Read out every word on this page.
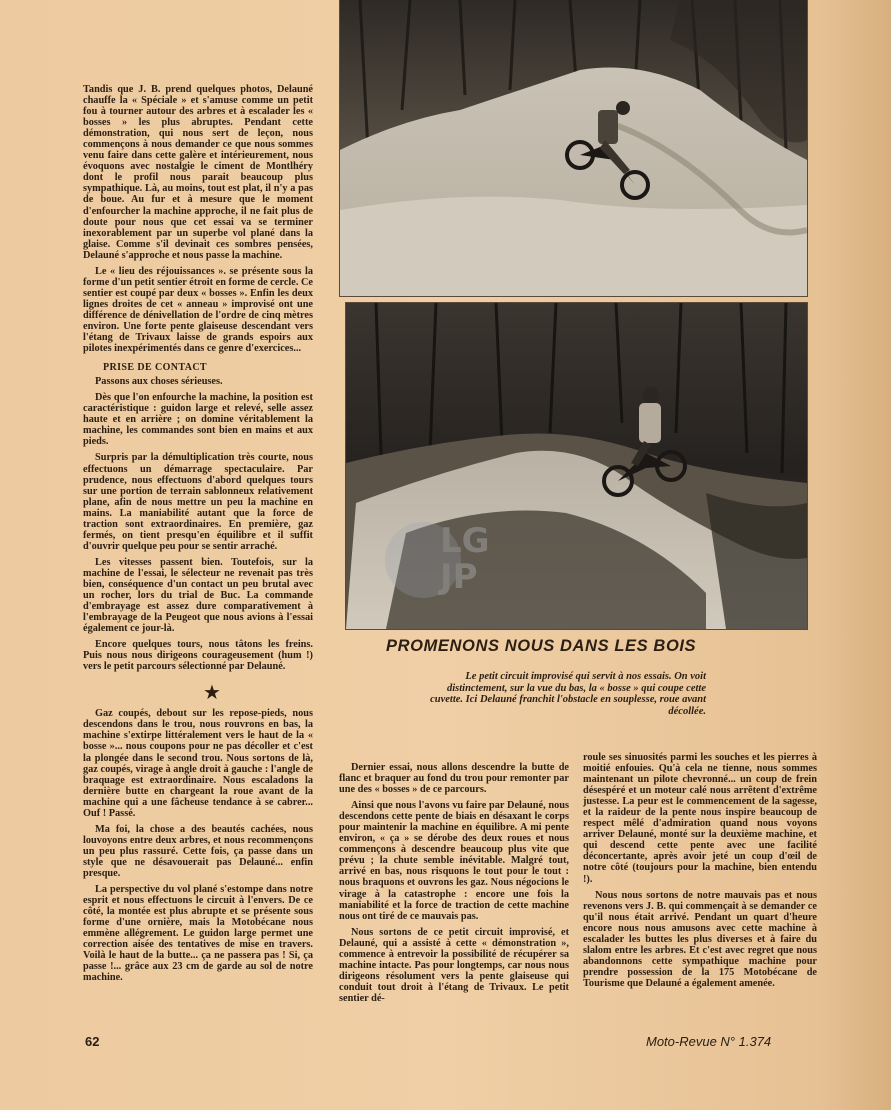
Tandis que J. B. prend quelques photos, Delauné chauffe la « Spéciale » et s'amuse comme un petit fou à tourner autour des arbres et à escalader les « bosses » les plus abruptes. Pendant cette démonstration, qui nous sert de leçon, nous commençons à nous demander ce que nous sommes venu faire dans cette galère et intérieurement, nous évoquons avec nostalgie le ciment de Montlhéry dont le profil nous parait beaucoup plus sympathique. Là, au moins, tout est plat, il n'y a pas de boue. Au fur et à mesure que le moment d'enfourcher la machine approche, il ne fait plus de doute pour nous que cet essai va se terminer inexorablement par un superbe vol plané dans la glaise. Comme s'il devinait ces sombres pensées, Delauné s'approche et nous passe la machine.

Le « lieu des réjouissances ». se présente sous la forme d'un petit sentier étroit en forme de cercle. Ce sentier est coupé par deux « bosses ». Enfin les deux lignes droites de cet « anneau » improvisé ont une différence de dénivellation de l'ordre de cinq mètres environ. Une forte pente glaiseuse descendant vers l'étang de Trivaux laisse de grands espoirs aux pilotes inexpérimentés dans ce genre d'exercices...

PRISE DE CONTACT

Passons aux choses sérieuses.

Dès que l'on enfourche la machine, la position est caractéristique : guidon large et relevé, selle assez haute et en arrière ; on domine véritablement la machine, les commandes sont bien en mains et aux pieds.

Surpris par la démultiplication très courte, nous effectuons un démarrage spectaculaire. Par prudence, nous effectuons d'abord quelques tours sur une portion de terrain sablonneux relativement plane, afin de nous mettre un peu la machine en mains. La maniabilité autant que la force de traction sont extraordinaires. En première, gaz fermés, on tient presqu'en équilibre et il suffit d'ouvrir quelque peu pour se sentir arraché.

Les vitesses passent bien. Toutefois, sur la machine de l'essai, le sélecteur ne revenait pas très bien, conséquence d'un contact un peu brutal avec un rocher, lors du trial de Buc. La commande d'embrayage est assez dure comparativement à l'embrayage de la Peugeot que nous avions à l'essai également ce jour-là.

Encore quelques tours, nous tâtons les freins. Puis nous nous dirigeons courageusement (hum !) vers le petit parcours sélectionné par Delauné.

★

Gaz coupés, debout sur les repose-pieds, nous descendons dans le trou, nous rouvrons en bas, la machine s'extirpe littéralement vers le haut de la « bosse »... nous coupons pour ne pas décoller et c'est la plongée dans le second trou. Nous sortons de là, gaz coupés, virage à angle droit à gauche : l'angle de braquage est extraordinaire. Nous escaladons la dernière butte en chargeant la roue avant de la machine qui a une fâcheuse tendance à se cabrer... Ouf ! Passé.

Ma foi, la chose a des beautés cachées, nous louvoyons entre deux arbres, et nous recommençons un peu plus rassuré. Cette fois, ça passe dans un style que ne désavouerait pas Delauné... enfin presque.

La perspective du vol plané s'estompe dans notre esprit et nous effectuons le circuit à l'envers. De ce côté, la montée est plus abrupte et se présente sous forme d'une ornière, mais la Motobécane nous emmène allégrement. Le guidon large permet une correction aisée des tentatives de mise en travers. Voilà le haut de la butte... ça ne passera pas ! Si, ça passe !... grâce aux 23 cm de garde au sol de notre machine.

LG JP
PROMENONS NOUS DANS LES BOIS
Le petit circuit improvisé qui servit à nos essais. On voit distinctement, sur la vue du bas, la « bosse » qui coupe cette cuvette. Ici Delauné franchit l'obstacle en souplesse, roue avant décollée.

Dernier essai, nous allons descendre la butte de flanc et braquer au fond du trou pour remonter par une des « bosses » de ce parcours.

Ainsi que nous l'avons vu faire par Delauné, nous descendons cette pente de biais en désaxant le corps pour maintenir la machine en équilibre. A mi pente environ, « ça » se dérobe des deux roues et nous commençons à descendre beaucoup plus vite que prévu ; la chute semble inévitable. Malgré tout, arrivé en bas, nous risquons le tout pour le tout : nous braquons et ouvrons les gaz. Nous négocions le virage à la catastrophe : encore une fois la maniabilité et la force de traction de cette machine nous ont tiré de ce mauvais pas.

Nous sortons de ce petit circuit improvisé, et Delauné, qui a assisté à cette « démonstration », commence à entrevoir la possibilité de récupérer sa machine intacte. Pas pour longtemps, car nous nous dirigeons résolument vers la pente glaiseuse qui conduit tout droit à l'étang de Trivaux. Le petit sentier dé-

roule ses sinuosités parmi les souches et les pierres à moitié enfouies. Qu'à cela ne tienne, nous sommes maintenant un pilote chevronné... un coup de frein désespéré et un moteur calé nous arrêtent d'extrême justesse. La peur est le commencement de la sagesse, et la raideur de la pente nous inspire beaucoup de respect mêlé d'admiration quand nous voyons arriver Delauné, monté sur la deuxième machine, et qui descend cette pente avec une facilité déconcertante, après avoir jeté un coup d'œil de notre côté (toujours pour la machine, bien entendu !).

Nous nous sortons de notre mauvais pas et nous revenons vers J. B. qui commençait à se demander ce qu'il nous était arrivé. Pendant un quart d'heure encore nous nous amusons avec cette machine à escalader les buttes les plus diverses et à faire du slalom entre les arbres. Et c'est avec regret que nous abandonnons cette sympathique machine pour prendre possession de la 175 Motobécane de Tourisme que Delauné a également amenée.

62	Moto-Revue N° 1.374
